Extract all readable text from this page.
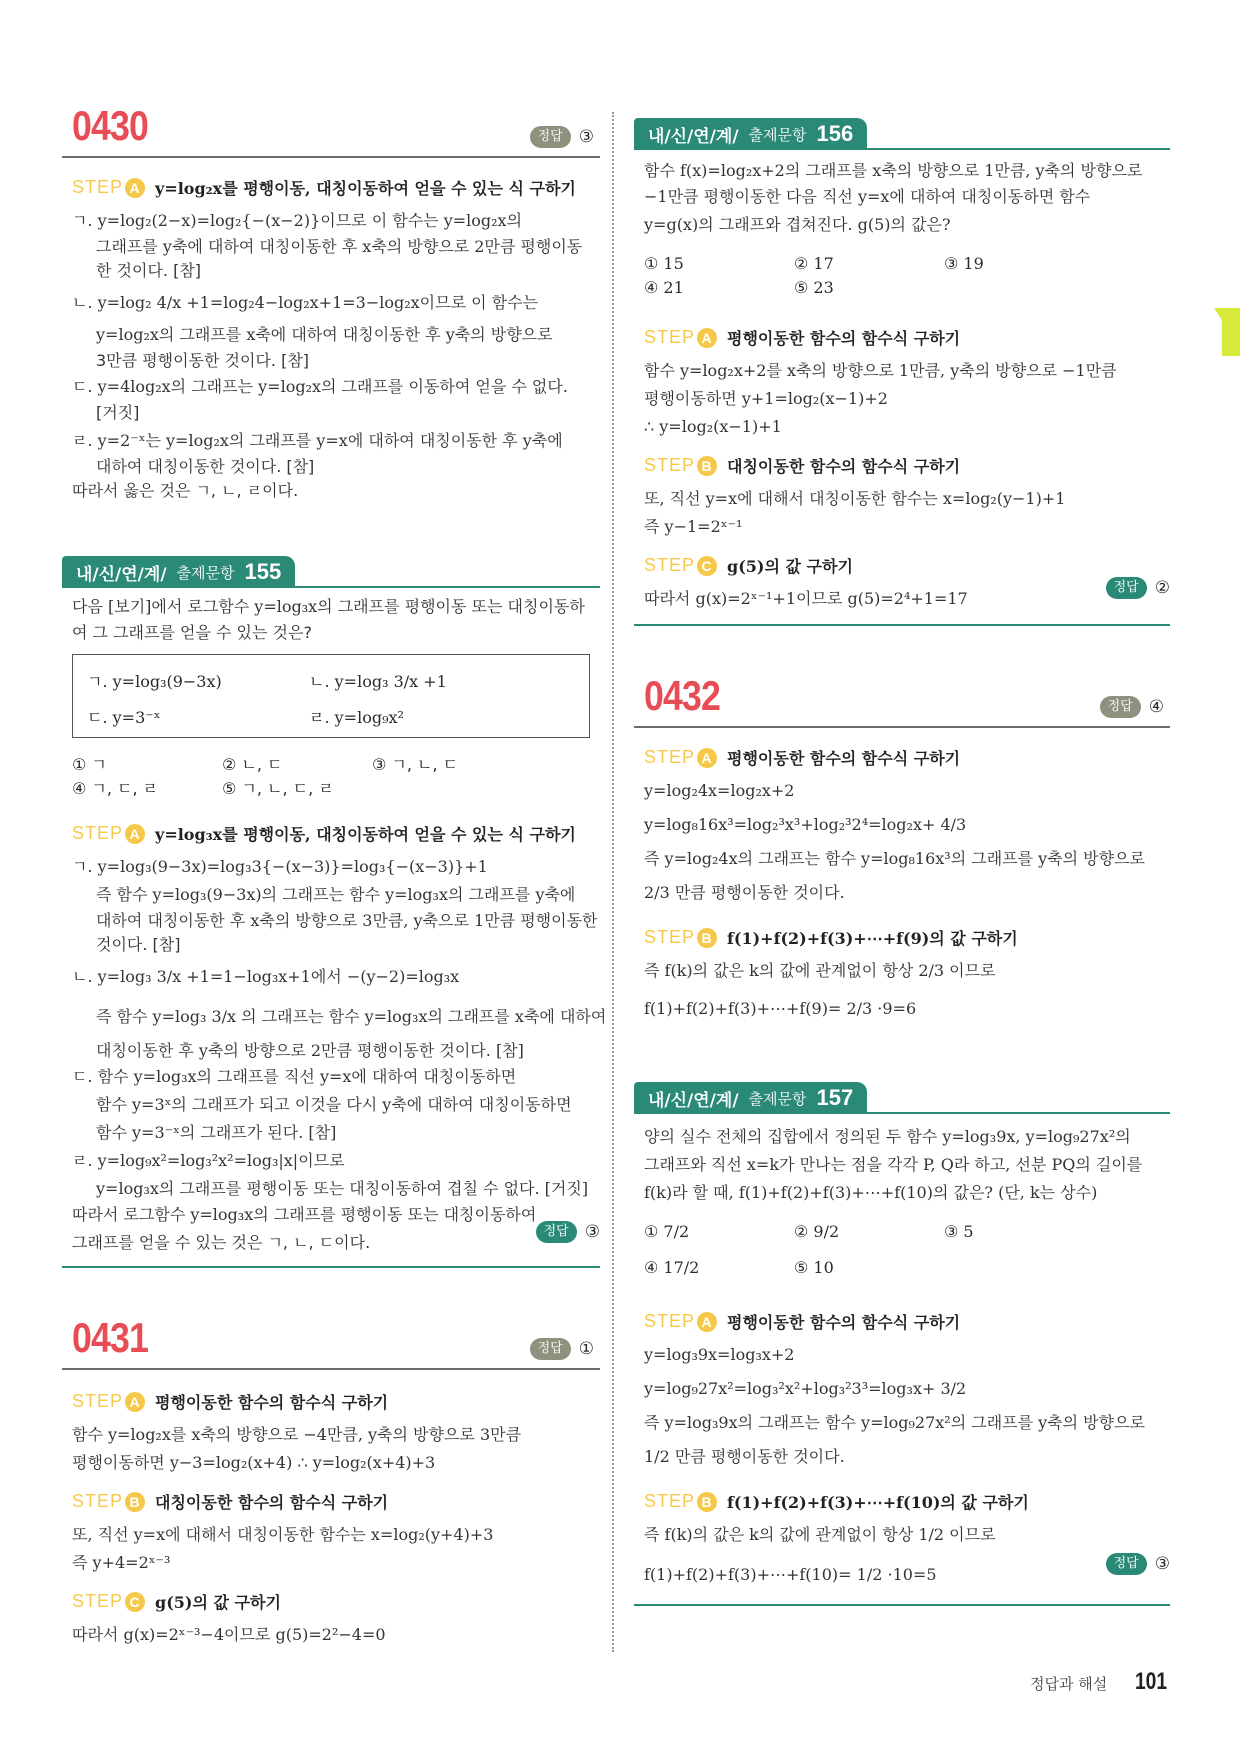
0430	정답 ③
STEP A y=log₂x를 평행이동, 대칭이동하여 얻을 수 있는 식 구하기
ㄱ. y=log₂(2−x)=log₂{−(x−2)}이므로 이 함수는 y=log₂x의
그래프를 y축에 대하여 대칭이동한 후 x축의 방향으로 2만큼 평행이동
한 것이다. [참]
ㄴ. y=log₂ 4/x +1=log₂4−log₂x+1=3−log₂x이므로 이 함수는
y=log₂x의 그래프를 x축에 대하여 대칭이동한 후 y축의 방향으로
3만큼 평행이동한 것이다. [참]
ㄷ. y=4log₂x의 그래프는 y=log₂x의 그래프를 이동하여 얻을 수 없다.
[거짓]
ㄹ. y=2⁻ˣ는 y=log₂x의 그래프를 y=x에 대하여 대칭이동한 후 y축에
대하여 대칭이동한 것이다. [참]
따라서 옳은 것은 ㄱ, ㄴ, ㄹ이다.
내/신/연/계/ 출제문항 155
다음 [보기]에서 로그함수 y=log₃x의 그래프를 평행이동 또는 대칭이동하
여 그 그래프를 얻을 수 있는 것은?
ㄱ. y=log₃(9−3x)	ㄴ. y=log₃ 3/x +1
ㄷ. y=3⁻ˣ	ㄹ. y=log₉x²
① ㄱ	② ㄴ, ㄷ	③ ㄱ, ㄴ, ㄷ
④ ㄱ, ㄷ, ㄹ	⑤ ㄱ, ㄴ, ㄷ, ㄹ
STEP A y=log₃x를 평행이동, 대칭이동하여 얻을 수 있는 식 구하기
ㄱ. y=log₃(9−3x)=log₃3{−(x−3)}=log₃{−(x−3)}+1
즉 함수 y=log₃(9−3x)의 그래프는 함수 y=log₃x의 그래프를 y축에
대하여 대칭이동한 후 x축의 방향으로 3만큼, y축으로 1만큼 평행이동한
것이다. [참]
ㄴ. y=log₃ 3/x +1=1−log₃x+1에서 −(y−2)=log₃x
즉 함수 y=log₃ 3/x 의 그래프는 함수 y=log₃x의 그래프를 x축에 대하여
대칭이동한 후 y축의 방향으로 2만큼 평행이동한 것이다. [참]
ㄷ. 함수 y=log₃x의 그래프를 직선 y=x에 대하여 대칭이동하면
함수 y=3ˣ의 그래프가 되고 이것을 다시 y축에 대하여 대칭이동하면
함수 y=3⁻ˣ의 그래프가 된다. [참]
ㄹ. y=log₉x²=log₃²x²=log₃|x|이므로
y=log₃x의 그래프를 평행이동 또는 대칭이동하여 겹칠 수 없다. [거짓]
따라서 로그함수 y=log₃x의 그래프를 평행이동 또는 대칭이동하여
그래프를 얻을 수 있는 것은 ㄱ, ㄴ, ㄷ이다.
정답 ③
0431	정답 ①
STEP A 평행이동한 함수의 함수식 구하기
함수 y=log₂x를 x축의 방향으로 −4만큼, y축의 방향으로 3만큼
평행이동하면 y−3=log₂(x+4) ∴ y=log₂(x+4)+3
STEP B 대칭이동한 함수의 함수식 구하기
또, 직선 y=x에 대해서 대칭이동한 함수는 x=log₂(y+4)+3
즉 y+4=2ˣ⁻³
STEP C g(5)의 값 구하기
따라서 g(x)=2ˣ⁻³−4이므로 g(5)=2²−4=0
내/신/연/계/ 출제문항 156
함수 f(x)=log₂x+2의 그래프를 x축의 방향으로 1만큼, y축의 방향으로
−1만큼 평행이동한 다음 직선 y=x에 대하여 대칭이동하면 함수
y=g(x)의 그래프와 겹쳐진다. g(5)의 값은?
① 15	② 17	③ 19
④ 21	⑤ 23
STEP A 평행이동한 함수의 함수식 구하기
함수 y=log₂x+2를 x축의 방향으로 1만큼, y축의 방향으로 −1만큼
평행이동하면 y+1=log₂(x−1)+2
∴ y=log₂(x−1)+1
STEP B 대칭이동한 함수의 함수식 구하기
또, 직선 y=x에 대해서 대칭이동한 함수는 x=log₂(y−1)+1
즉 y−1=2ˣ⁻¹
STEP C g(5)의 값 구하기
따라서 g(x)=2ˣ⁻¹+1이므로 g(5)=2⁴+1=17
정답 ②
0432	정답 ④
STEP A 평행이동한 함수의 함수식 구하기
y=log₂4x=log₂x+2
y=log₈16x³=log₂³x³+log₂³2⁴=log₂x+ 4/3
즉 y=log₂4x의 그래프는 함수 y=log₈16x³의 그래프를 y축의 방향으로
2/3 만큼 평행이동한 것이다.
STEP B f(1)+f(2)+f(3)+⋯+f(9)의 값 구하기
즉 f(k)의 값은 k의 값에 관계없이 항상 2/3 이므로
f(1)+f(2)+f(3)+⋯+f(9)= 2/3 ·9=6
내/신/연/계/ 출제문항 157
양의 실수 전체의 집합에서 정의된 두 함수 y=log₃9x, y=log₉27x²의
그래프와 직선 x=k가 만나는 점을 각각 P, Q라 하고, 선분 PQ의 길이를
f(k)라 할 때, f(1)+f(2)+f(3)+⋯+f(10)의 값은? (단, k는 상수)
① 7/2	② 9/2	③ 5
④ 17/2	⑤ 10
STEP A 평행이동한 함수의 함수식 구하기
y=log₃9x=log₃x+2
y=log₉27x²=log₃²x²+log₃²3³=log₃x+ 3/2
즉 y=log₃9x의 그래프는 함수 y=log₉27x²의 그래프를 y축의 방향으로
1/2 만큼 평행이동한 것이다.
STEP B f(1)+f(2)+f(3)+⋯+f(10)의 값 구하기
즉 f(k)의 값은 k의 값에 관계없이 항상 1/2 이므로
f(1)+f(2)+f(3)+⋯+f(10)= 1/2 ·10=5
정답 ③
정답과 해설 101
